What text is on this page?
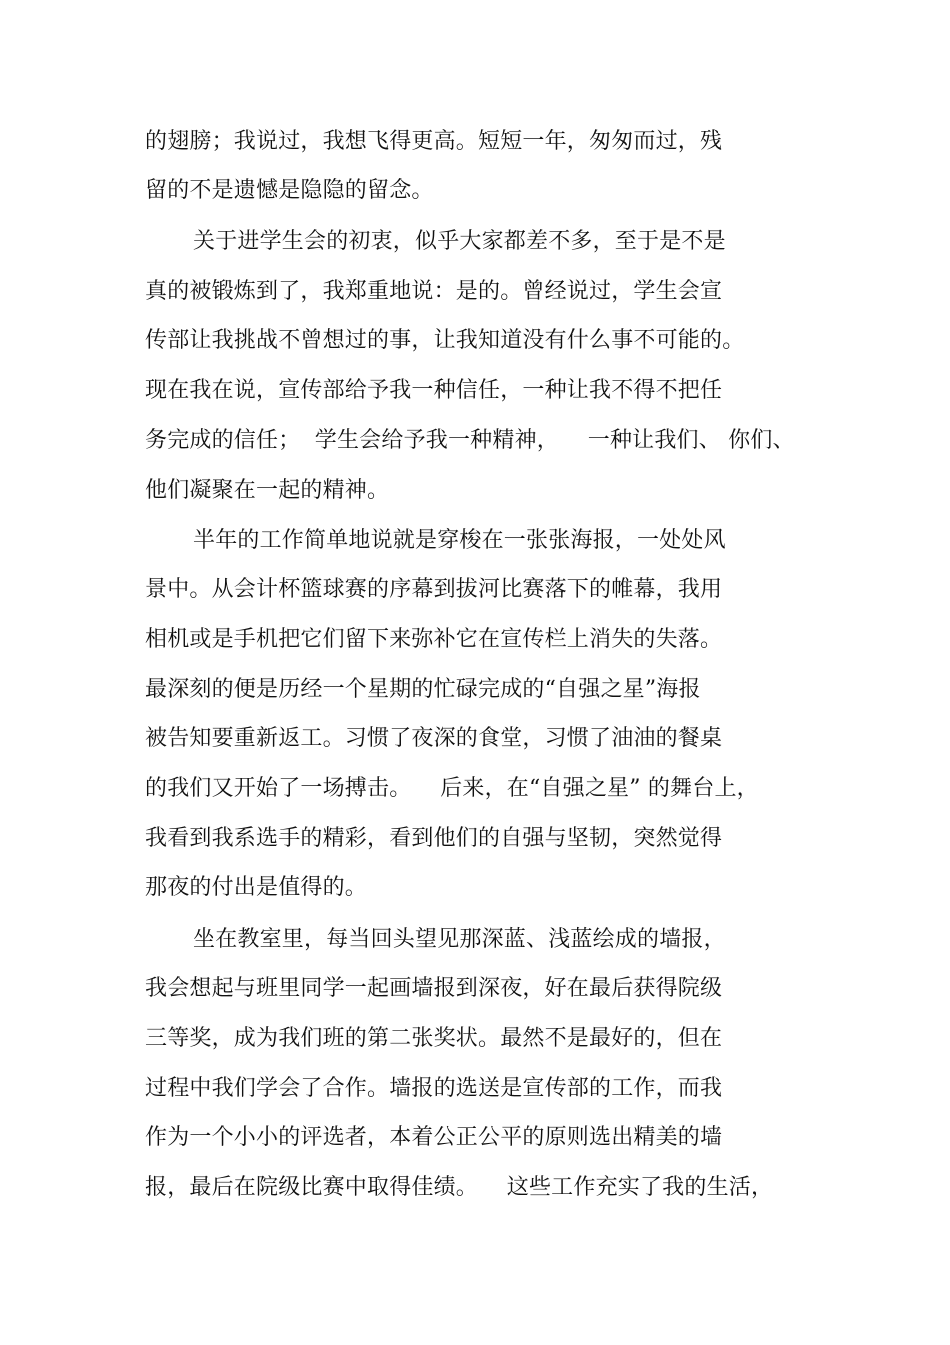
的翅膀；我说过，我想飞得更高。短短一年，匆匆而过，残
留的不是遗憾是隐隐的留念。
关于进学生会的初衷，似乎大家都差不多，至于是不是
真的被锻炼到了，我郑重地说：是的。曾经说过，学生会宣
传部让我挑战不曾想过的事，让我知道没有什么事不可能的。
现在我在说，宣传部给予我一种信任，一种让我不得不把任
务完成的信任；  学生会给予我一种精神，    一种让我们、 你们、
他们凝聚在一起的精神。
半年的工作简单地说就是穿梭在一张张海报，一处处风
景中。从会计杯篮球赛的序幕到拔河比赛落下的帷幕，我用
相机或是手机把它们留下来弥补它在宣传栏上消失的失落。
最深刻的便是历经一个星期的忙碌完成的“自强之星”海报
被告知要重新返工。习惯了夜深的食堂，习惯了油油的餐桌
的我们又开始了一场搏击。    后来，在“自强之星” 的舞台上，
我看到我系选手的精彩，看到他们的自强与坚韧，突然觉得
那夜的付出是值得的。
坐在教室里，每当回头望见那深蓝、浅蓝绘成的墙报，
我会想起与班里同学一起画墙报到深夜，好在最后获得院级
三等奖，成为我们班的第二张奖状。最然不是最好的，但在
过程中我们学会了合作。墙报的选送是宣传部的工作，而我
作为一个小小的评选者，本着公正公平的原则选出精美的墙
报，最后在院级比赛中取得佳绩。    这些工作充实了我的生活，
